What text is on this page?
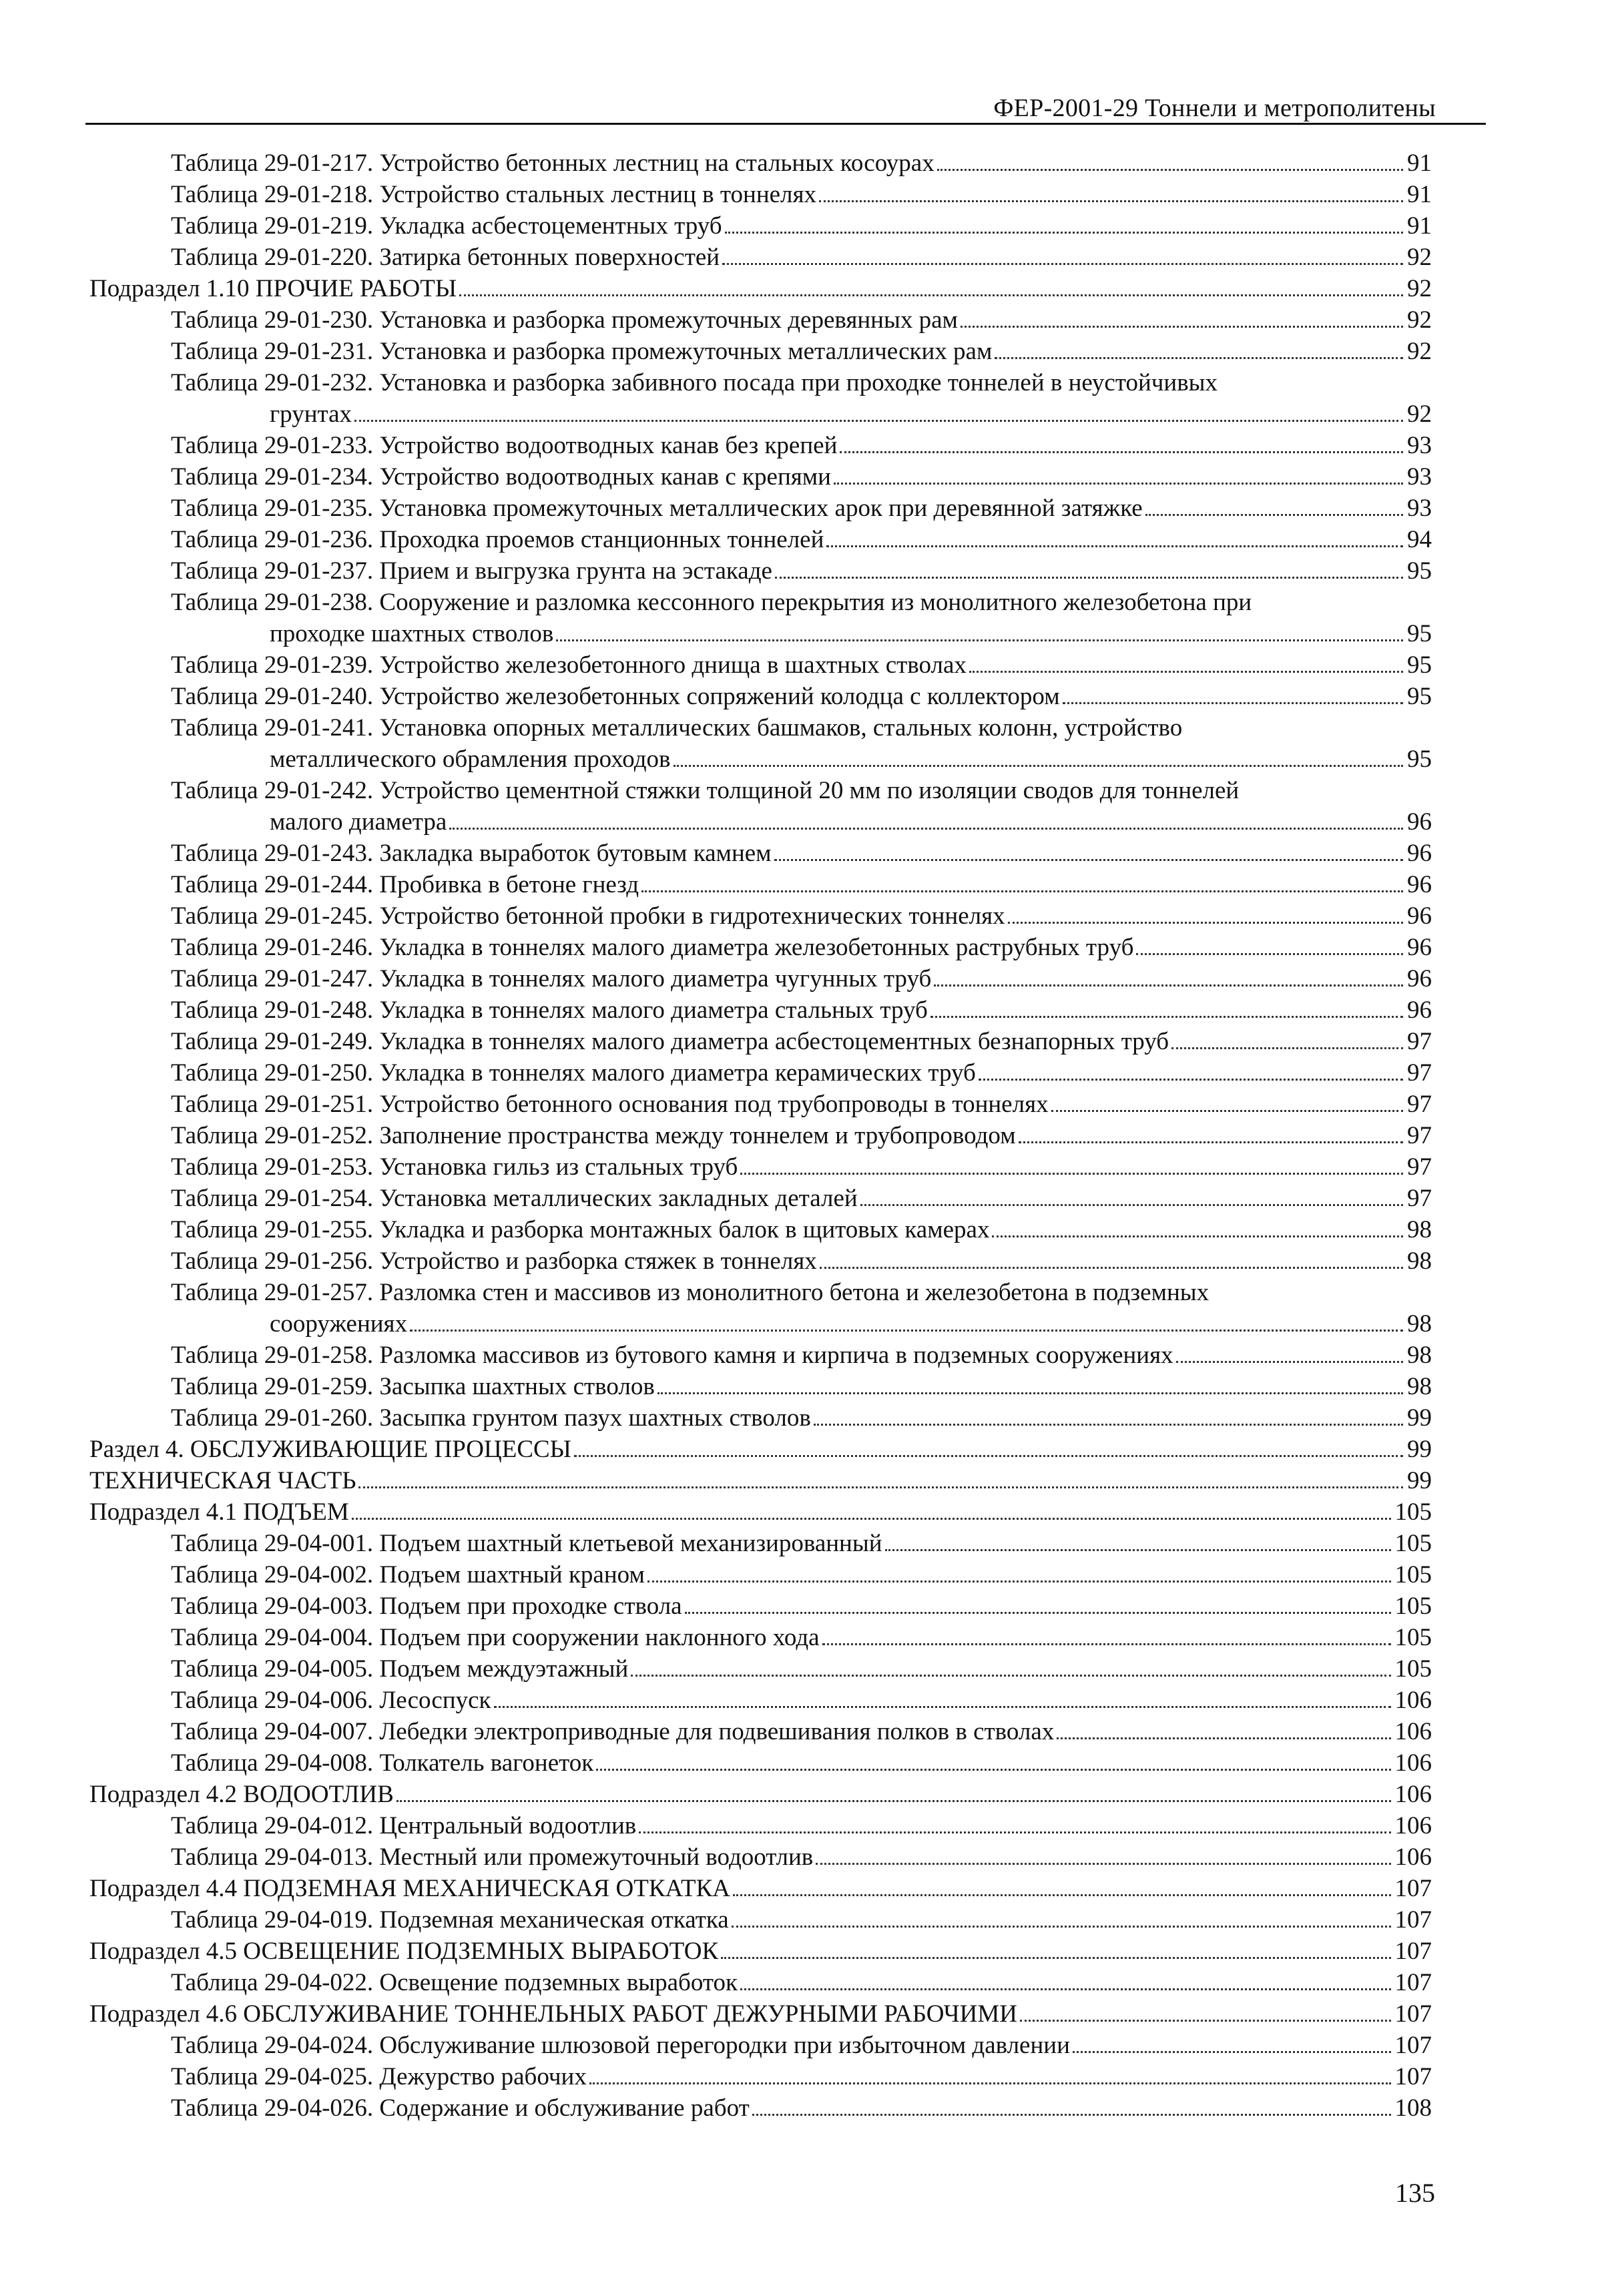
ФЕР-2001-29 Тоннели и метрополитены
Таблица 29-01-217. Устройство бетонных лестниц на стальных косоурах	91
Таблица 29-01-218. Устройство стальных лестниц в тоннелях	91
Таблица 29-01-219. Укладка асбестоцементных труб	91
Таблица 29-01-220. Затирка бетонных поверхностей	92
Подраздел 1.10 ПРОЧИЕ РАБОТЫ	92
Таблица 29-01-230. Установка и разборка промежуточных деревянных рам	92
Таблица 29-01-231. Установка и разборка промежуточных металлических рам	92
Таблица 29-01-232. Установка и разборка забивного посада при проходке тоннелей в неустойчивых
грунтах	92
Таблица 29-01-233. Устройство водоотводных канав без крепей	93
Таблица 29-01-234. Устройство водоотводных канав с крепями	93
Таблица 29-01-235. Установка промежуточных металлических арок при деревянной затяжке	93
Таблица 29-01-236. Проходка проемов станционных тоннелей	94
Таблица 29-01-237. Прием и выгрузка грунта на эстакаде	95
Таблица 29-01-238. Сооружение и разломка кессонного перекрытия из монолитного железобетона при
проходке шахтных стволов	95
Таблица 29-01-239. Устройство железобетонного днища в шахтных стволах	95
Таблица 29-01-240. Устройство железобетонных сопряжений колодца с коллектором	95
Таблица 29-01-241. Установка опорных металлических башмаков, стальных колонн, устройство
металлического обрамления проходов	95
Таблица 29-01-242. Устройство цементной стяжки толщиной 20 мм по изоляции сводов для тоннелей
малого диаметра	96
Таблица 29-01-243. Закладка выработок бутовым камнем	96
Таблица 29-01-244. Пробивка в бетоне гнезд	96
Таблица 29-01-245. Устройство бетонной пробки в гидротехнических тоннелях	96
Таблица 29-01-246. Укладка в тоннелях малого диаметра железобетонных раструбных труб	96
Таблица 29-01-247. Укладка в тоннелях малого диаметра чугунных труб	96
Таблица 29-01-248. Укладка в тоннелях малого диаметра стальных труб	96
Таблица 29-01-249. Укладка в тоннелях малого диаметра асбестоцементных безнапорных труб	97
Таблица 29-01-250. Укладка в тоннелях малого диаметра керамических труб	97
Таблица 29-01-251. Устройство бетонного основания под трубопроводы в тоннелях	97
Таблица 29-01-252. Заполнение пространства между тоннелем и трубопроводом	97
Таблица 29-01-253. Установка гильз из стальных труб	97
Таблица 29-01-254. Установка металлических закладных деталей	97
Таблица 29-01-255. Укладка и разборка монтажных балок в щитовых камерах	98
Таблица 29-01-256. Устройство и разборка стяжек в тоннелях	98
Таблица 29-01-257. Разломка стен и массивов из монолитного бетона и железобетона в подземных
сооружениях	98
Таблица 29-01-258. Разломка массивов из бутового камня и кирпича в подземных сооружениях	98
Таблица 29-01-259. Засыпка шахтных стволов	98
Таблица 29-01-260. Засыпка грунтом пазух шахтных стволов	99
Раздел 4. ОБСЛУЖИВАЮЩИЕ ПРОЦЕССЫ	99
ТЕХНИЧЕСКАЯ ЧАСТЬ	99
Подраздел 4.1 ПОДЪЕМ	105
Таблица 29-04-001. Подъем шахтный клетьевой механизированный	105
Таблица 29-04-002. Подъем шахтный краном	105
Таблица 29-04-003. Подъем при проходке ствола	105
Таблица 29-04-004. Подъем при сооружении наклонного хода	105
Таблица 29-04-005. Подъем междуэтажный	105
Таблица 29-04-006. Лесоспуск	106
Таблица 29-04-007. Лебедки электроприводные для подвешивания полков в стволах	106
Таблица 29-04-008. Толкатель вагонеток	106
Подраздел 4.2 ВОДООТЛИВ	106
Таблица 29-04-012. Центральный водоотлив	106
Таблица 29-04-013. Местный или промежуточный водоотлив	106
Подраздел 4.4 ПОДЗЕМНАЯ МЕХАНИЧЕСКАЯ ОТКАТКА	107
Таблица 29-04-019. Подземная механическая откатка	107
Подраздел 4.5 ОСВЕЩЕНИЕ ПОДЗЕМНЫХ ВЫРАБОТОК	107
Таблица 29-04-022. Освещение подземных выработок	107
Подраздел 4.6 ОБСЛУЖИВАНИЕ ТОННЕЛЬНЫХ РАБОТ ДЕЖУРНЫМИ РАБОЧИМИ	107
Таблица 29-04-024. Обслуживание шлюзовой перегородки при избыточном давлении	107
Таблица 29-04-025. Дежурство рабочих	107
Таблица 29-04-026. Содержание и обслуживание работ	108
135
